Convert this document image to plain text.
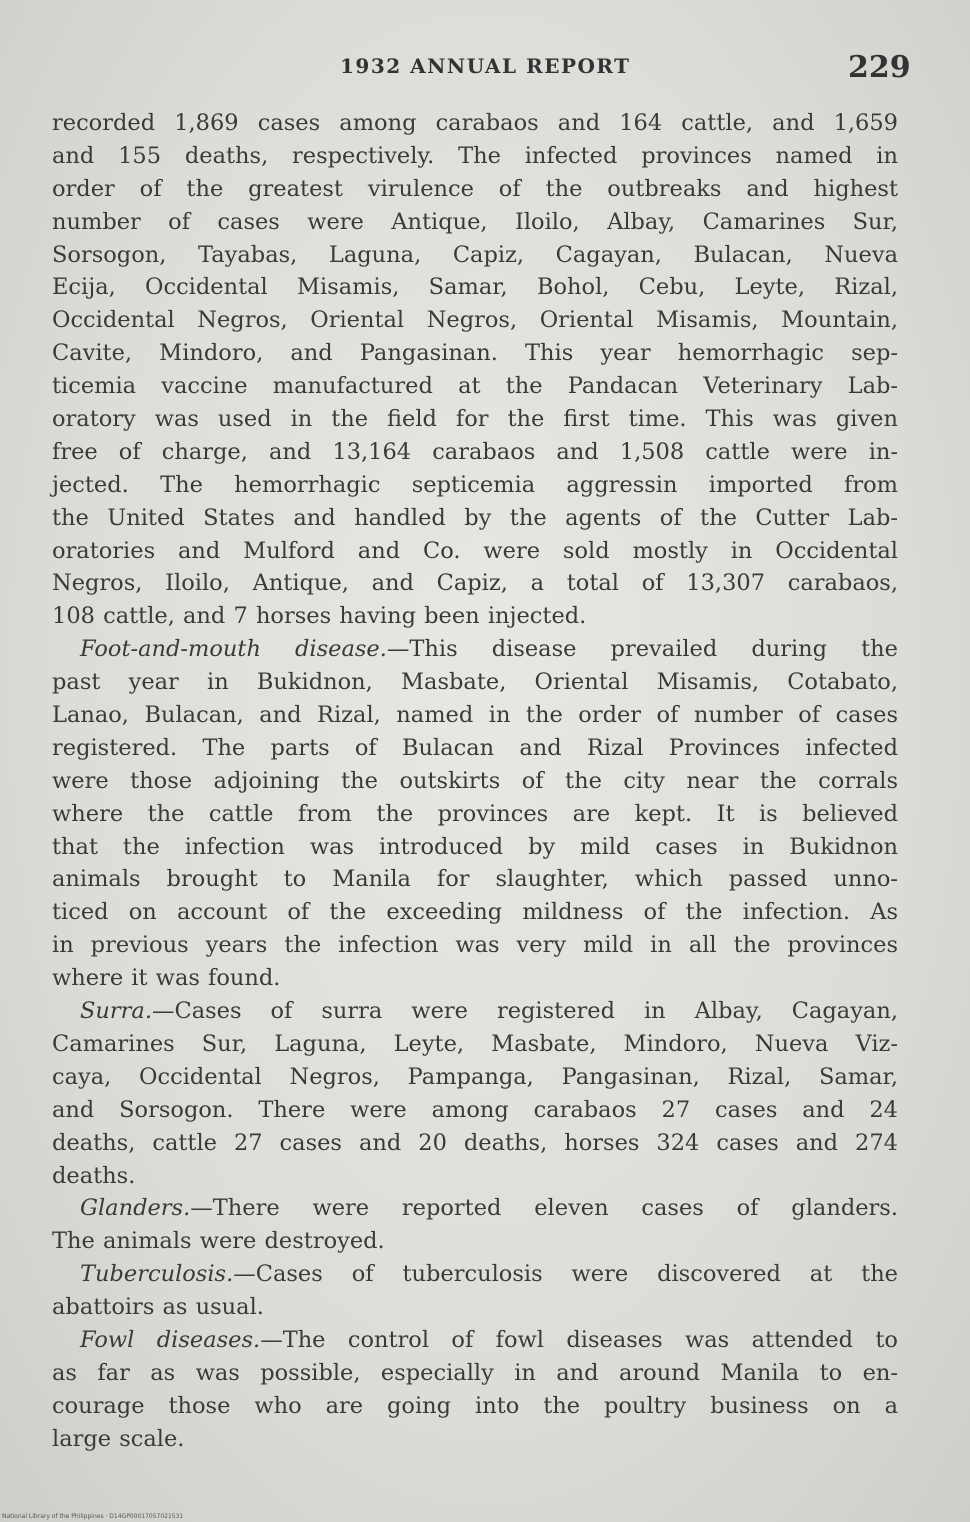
1932 ANNUAL REPORT	229
recorded 1,869 cases among carabaos and 164 cattle, and 1,659
and 155 deaths, respectively. The infected provinces named in
order of the greatest virulence of the outbreaks and highest
number of cases were Antique, Iloilo, Albay, Camarines Sur,
Sorsogon, Tayabas, Laguna, Capiz, Cagayan, Bulacan, Nueva
Ecija, Occidental Misamis, Samar, Bohol, Cebu, Leyte, Rizal,
Occidental Negros, Oriental Negros, Oriental Misamis, Mountain,
Cavite, Mindoro, and Pangasinan. This year hemorrhagic sep-
ticemia vaccine manufactured at the Pandacan Veterinary Lab-
oratory was used in the field for the first time. This was given
free of charge, and 13,164 carabaos and 1,508 cattle were in-
jected. The hemorrhagic septicemia aggressin imported from
the United States and handled by the agents of the Cutter Lab-
oratories and Mulford and Co. were sold mostly in Occidental
Negros, Iloilo, Antique, and Capiz, a total of 13,307 carabaos,
108 cattle, and 7 horses having been injected.
Foot-and-mouth disease.—This disease prevailed during the
past year in Bukidnon, Masbate, Oriental Misamis, Cotabato,
Lanao, Bulacan, and Rizal, named in the order of number of cases
registered. The parts of Bulacan and Rizal Provinces infected
were those adjoining the outskirts of the city near the corrals
where the cattle from the provinces are kept. It is believed
that the infection was introduced by mild cases in Bukidnon
animals brought to Manila for slaughter, which passed unno-
ticed on account of the exceeding mildness of the infection. As
in previous years the infection was very mild in all the provinces
where it was found.
Surra.—Cases of surra were registered in Albay, Cagayan,
Camarines Sur, Laguna, Leyte, Masbate, Mindoro, Nueva Viz-
caya, Occidental Negros, Pampanga, Pangasinan, Rizal, Samar,
and Sorsogon. There were among carabaos 27 cases and 24
deaths, cattle 27 cases and 20 deaths, horses 324 cases and 274
deaths.
Glanders.—There were reported eleven cases of glanders.
The animals were destroyed.
Tuberculosis.—Cases of tuberculosis were discovered at the
abattoirs as usual.
Fowl diseases.—The control of fowl diseases was attended to
as far as was possible, especially in and around Manila to en-
courage those who are going into the poultry business on a
large scale.
National Library of the Philippines · D14GP00017057021531
